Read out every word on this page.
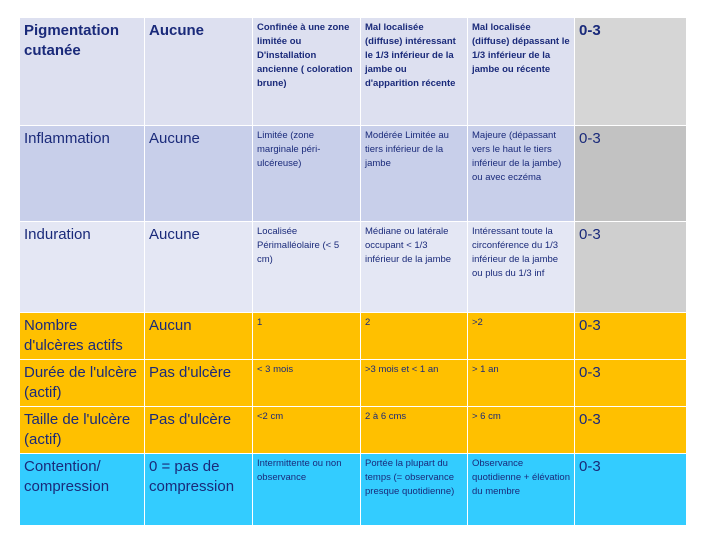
Pigmentation cutanée	Aucune	Confinée à une zone limitée ou D'installation ancienne ( coloration brune)	Mal localisée (diffuse) intéressant le 1/3 inférieur de la jambe ou d'apparition récente	Mal localisée (diffuse) dépassant le 1/3 inférieur de la jambe ou récente	0-3

Inflammation	Aucune	Limitée (zone marginale péri-ulcéreuse)	Modérée Limitée au tiers inférieur de la jambe	Majeure (dépassant vers le haut le tiers inférieur de la jambe) ou avec eczéma	0-3

Induration	Aucune	Localisée Périmalléolaire (< 5 cm)	Médiane ou latérale occupant < 1/3 inférieur de la jambe	Intéressant toute la circonférence du 1/3 inférieur de la jambe ou plus du 1/3 inf	0-3

Nombre d'ulcères actifs	Aucun	1	2	>2	0-3

Durée de l'ulcère (actif)	Pas d'ulcère	< 3 mois	>3 mois et < 1 an	> 1 an	0-3

Taille de l'ulcère (actif)	Pas d'ulcère	<2 cm	2 à 6 cms	> 6 cm	0-3

Contention/ compression	0 = pas de compression	Intermittente ou non observance	Portée la plupart du temps (= observance presque quotidienne)	Observance quotidienne + élévation du membre	0-3
